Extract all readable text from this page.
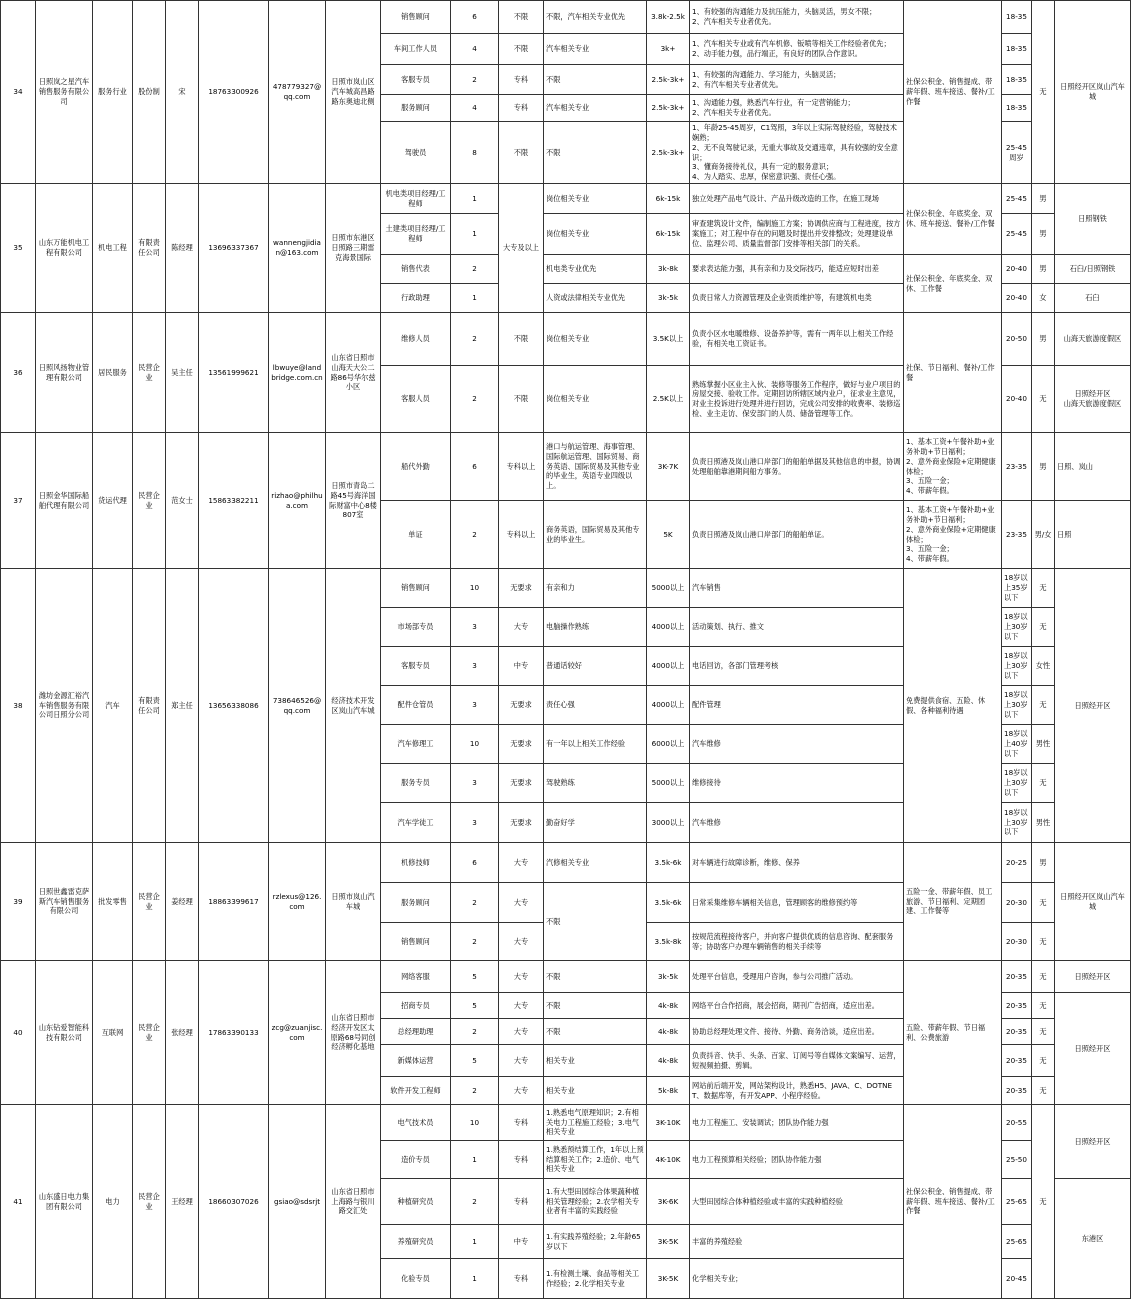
34	日照岚之星汽车销售服务有限公司	服务行业	股份制	宋	18763300926	478779327@qq.com	日照市岚山区汽车城高昌路路东奥迪北侧	销售顾问	6	不限	不限，汽车相关专业优先	3.8k-2.5k	1、有较强的沟通能力及抗压能力，头脑灵活，男女不限；
2、汽车相关专业者优先。	社保公积金、销售提成、带薪年假、班车接送、餐补/工作餐	18-35	无	日照经开区岚山汽车城
								车间工作人员	4	不限	汽车相关专业	3k+	1、汽车相关专业或有汽车机修、钣喷等相关工作经验者优先；
2、动手能力强，品行端正，有良好的团队合作意识。		18-35		
								客服专员	2	专科	不限	2.5k-3k+	1、有较强的沟通能力、学习能力，头脑灵活；
2、有汽车相关专业者优先。		18-35		
								服务顾问	4	专科	汽车相关专业	2.5k-3k+	1、沟通能力强，熟悉汽车行业，有一定营销能力；
2、汽车相关专业者优先。		18-35		
								驾驶员	8	不限	不限	2.5k-3k+	1、年龄25-45周岁，C1驾照，3年以上实际驾驶经验，驾驶技术娴熟；
2、无不良驾驶记录，无重大事故及交通违章，具有较强的安全意识；
3、懂商务接待礼仪，具有一定的服务意识；
4、为人踏实、忠厚，保密意识强、责任心强。		25-45周岁		
35	山东万能机电工程有限公司	机电工程	有限责任公司	陈经理	13696337367	wannengjidian@163.com	日照市东港区日照路三期雷克海景国际	机电类项目经理/工程师	1	大专及以上	岗位相关专业	6k-15k	独立处理产品电气设计、产品升级改造的工作，在施工现场	社保公积金、年底奖金、双休、班车接送、餐补/工作餐	25-45	男	日照钢铁
								土建类项目经理/工程师	1		岗位相关专业	6k-15k	审查建筑设计文件，编制施工方案；协调供应商与工程进度，按方案施工；对工程中存在的问题及时提出并安排整改；处理建设单位、监理公司、质量监督部门安排等相关部门的关系。		25-45	男	
								销售代表	2		机电类专业优先	3k-8k	要求表达能力强，具有亲和力及交际技巧，能适应短时出差	社保公积金、年底奖金、双休、工作餐	20-40	男	石臼/日照钢铁
								行政助理	1		人资或法律相关专业优先	3k-5k	负责日常人力资源管理及企业资质维护等，有建筑机电类		20-40	女	石臼
36	日照风扬物业管理有限公司	居民服务	民营企业	吴主任	13561999621	lbwuye@landbridge.com.cn	山东省日照市山海天大公二路86号华尔兹小区	维修人员	2	不限	岗位相关专业	3.5K以上	负责小区水电暖维修、设备养护等，需有一两年以上相关工作经验，有相关电工资证书。	社保、节日福利、餐补/工作餐	20-50	男	山海天旅游度假区
								客服人员	2	不限	岗位相关专业	2.5K以上	熟练掌握小区业主入伙、装修等服务工作程序，做好与业户项目的房屋交接、验收工作。定期回访所辖区域内业户，征求业主意见，对业主投诉进行处理并进行回访，完成公司安排的收费率、装修巡检、业主走访、保安部门的人员、储备管理等工作。		20-40	无	日照经开区
山海天旅游度假区
37	日照金华国际船舶代理有限公司	货运代理	民营企业	范女士	15863382211	rizhao@philhua.com	日照市青岛二路45号海洋国际财富中心8楼807室	船代外勤	6	专科以上	港口与航运管理、海事管理、国际航运管理、国际贸易、商务英语、国际贸易及其他专业的毕业生，英语专业四级以上。	3K-7K	负责日照港及岚山港口岸部门的船舶单据及其他信息的申报，协调处理船舶靠港期间船方事务。	1、基本工资+午餐补助+业务补助+节日福利；
2、意外商业保险+定期健康体检；
3、五险一金；
4、带薪年假。	23-35	男	日照、岚山
								单证	2	专科以上	商务英语，国际贸易及其他专业的毕业生。	5K	负责日照港及岚山港口岸部门的船舶单证。	1、基本工资+午餐补助+业务补助+节日福利；
2、意外商业保险+定期健康体检；
3、五险一金；
4、带薪年假。	23-35	男/女	日照
38	潍坊金源汇裕汽车销售服务有限公司日照分公司	汽车	有限责任公司	郑主任	13656338086	738646526@qq.com	经济技术开发区岚山汽车城	销售顾问	10	无要求	有亲和力	5000以上	汽车销售	免费提供食宿、五险、休假、各种福利待遇	18岁以上35岁以下	无	日照经开区
								市场部专员	3	大专	电脑操作熟练	4000以上	活动策划、执行、推文		18岁以上30岁以下	无	
								客服专员	3	中专	普通话较好	4000以上	电话回访，各部门管理考核		18岁以上30岁以下	女性	
								配件仓管员	3	无要求	责任心强	4000以上	配件管理		18岁以上30岁以下	无	
								汽车修理工	10	无要求	有一年以上相关工作经验	6000以上	汽车维修		18岁以上40岁以下	男性	
								服务专员	3	无要求	驾驶熟练	5000以上	维修接待		18岁以上30岁以下	无	
								汽车学徒工	3	无要求	勤奋好学	3000以上	汽车维修		18岁以上30岁以下	男性	
39	日照世鑫雷克萨斯汽车销售服务有限公司	批发零售	民营企业	姜经理	18863399617	rzlexus@126.com	日照市岚山汽车城	机修技师	6	大专	汽修相关专业	3.5k-6k	对车辆进行故障诊断，维修、保养	五险一金、带薪年假、员工旅游、节日福利、定期团建、工作餐等	20-25	男	日照经开区岚山汽车城
								服务顾问	2	大专	不限	3.5k-6k	日常采集维修车辆相关信息，管理顾客的维修预约等		20-30	无	
								销售顾问	2	大专		3.5k-8k	按规范流程接待客户，并向客户提供优质的信息咨询、配套服务等；协助客户办理车辆销售的相关手续等		20-30	无	
40	山东钻爱智能科技有限公司	互联网	民营企业	张经理	17863390133	zcg@zuanjisc.com	山东省日照市经济开发区太原路68号同创经济孵化基地	网络客服	5	大专	不限	3k-5k	处理平台信息，受理用户咨询，参与公司推广活动。	五险、带薪年假、节日福利、公费旅游	20-35	无	日照经开区
								招商专员	5	大专	不限	4k-8k	网络平台合作招商，展会招商，期刊广告招商，适应出差。		20-35	无	日照经开区
								总经理助理	2	大专	不限	4k-8k	协助总经理处理文件、接待、外勤、商务洽谈，适应出差。		20-35	无	
								新媒体运营	5	大专	相关专业	4k-8k	负责抖音、快手、头条、百家、订阅号等自媒体文案编写、运营，短视频拍摄、剪辑。		20-35	无	
								软件开发工程师	2	大专	相关专业	5k-8k	网站前后端开发，网站架构设计，熟悉H5、JAVA、C、DOTNET、数据库等，有开发APP、小程序经验。		20-35	无	
41	山东盛日电力集团有限公司	电力	民营企业	王经理	18660307026	gsiao@sdsrjt	山东省日照市上海路与银川路交汇处	电气技术员	10	专科	1.熟悉电气原理知识；2.有相关电力工程施工经验；3.电气相关专业	3K-10K	电力工程施工、安装调试；团队协作能力强	社保公积金、销售提成、带薪年假、班车接送、餐补/工作餐	20-55	无	日照经开区
								造价专员	1	专科	1.熟悉预结算工作，1年以上预结算相关工作；2.造价、电气相关专业	4K-10K	电力工程预算相关经验；团队协作能力强		25-50		
								种植研究员	2	专科	1.有大型田园综合体果蔬种植相关管理经验；2.农学相关专业者有丰富的实践经验	3K-6K	大型田园综合体种植经验或丰富的实践种植经验		25-65		东港区
								养殖研究员	1	中专	1.有实践养殖经验；2.年龄65岁以下	3K-5K	丰富的养殖经验		25-65		
								化验专员	1	专科	1.有检测土壤、食品等相关工作经验；2.化学相关专业	3K-5K	化学相关专业；		20-45		
